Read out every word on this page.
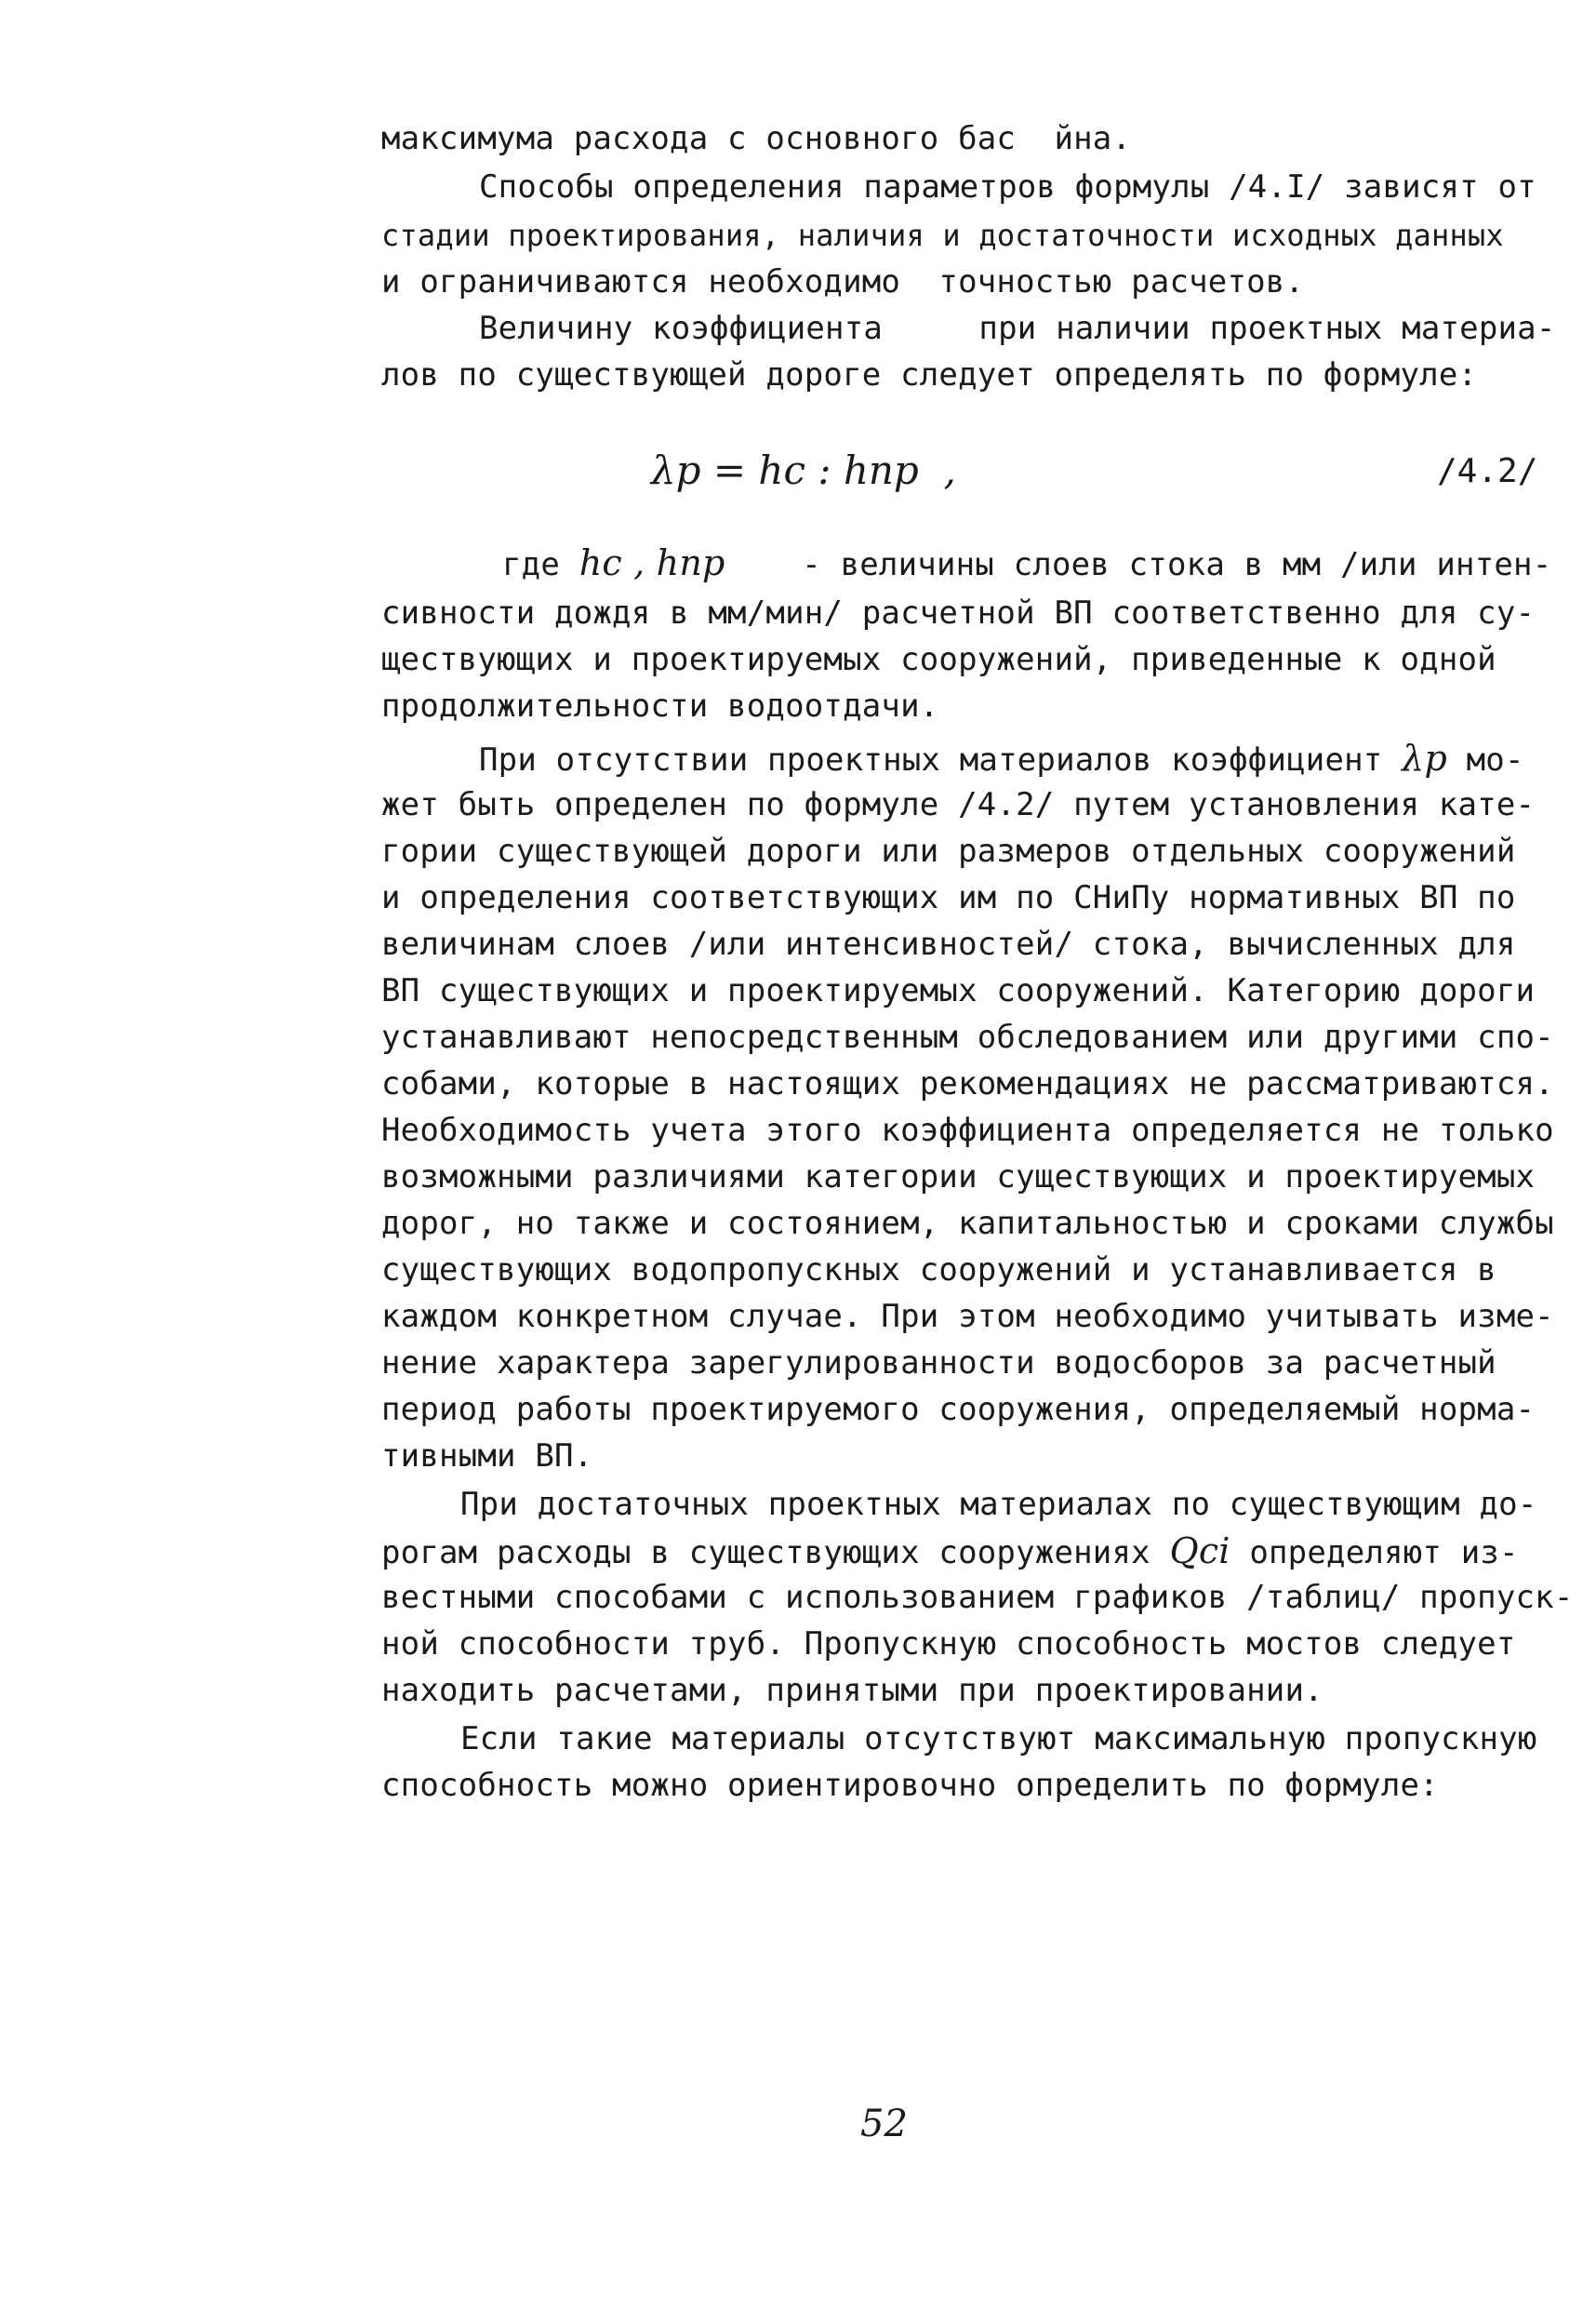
максимума расхода с основного бас  йна.
Способы определения параметров формулы /4.I/ зависят от
стадии проектирования, наличия и достаточности исходных данных
и ограничиваются необходимо  точностью расчетов.
Величину коэффициента     при наличии проектных материа-
лов по существующей дороге следует определять по формуле:
λp = hc : hпр  ,	/4.2/
где hc , hпр - величины слоев стока в мм /или интен-
сивности дождя в мм/мин/ расчетной ВП соответственно для су-
ществующих и проектируемых сооружений, приведенные к одной
продолжительности водоотдачи.
При отсутствии проектных материалов коэффициент λp мо-
жет быть определен по формуле /4.2/ путем установления кате-
гории существующей дороги или размеров отдельных сооружений
и определения соответствующих им по СНиПу нормативных ВП по
величинам слоев /или интенсивностей/ стока, вычисленных для
ВП существующих и проектируемых сооружений. Категорию дороги
устанавливают непосредственным обследованием или другими спо-
собами, которые в настоящих рекомендациях не рассматриваются.
Необходимость учета этого коэффициента определяется не только
возможными различиями категории существующих и проектируемых
дорог, но также и состоянием, капитальностью и сроками службы
существующих водопропускных сооружений и устанавливается в
каждом конкретном случае. При этом необходимо учитывать изме-
нение характера зарегулированности водосборов за расчетный
период работы проектируемого сооружения, определяемый норма-
тивными ВП.
При достаточных проектных материалах по существующим до-
рогам расходы в существующих сооружениях Qсi определяют из-
вестными способами с использованием графиков /таблиц/ пропуск-
ной способности труб. Пропускную способность мостов следует
находить расчетами, принятыми при проектировании.
Если такие материалы отсутствуют максимальную пропускную
способность можно ориентировочно определить по формуле:
52
